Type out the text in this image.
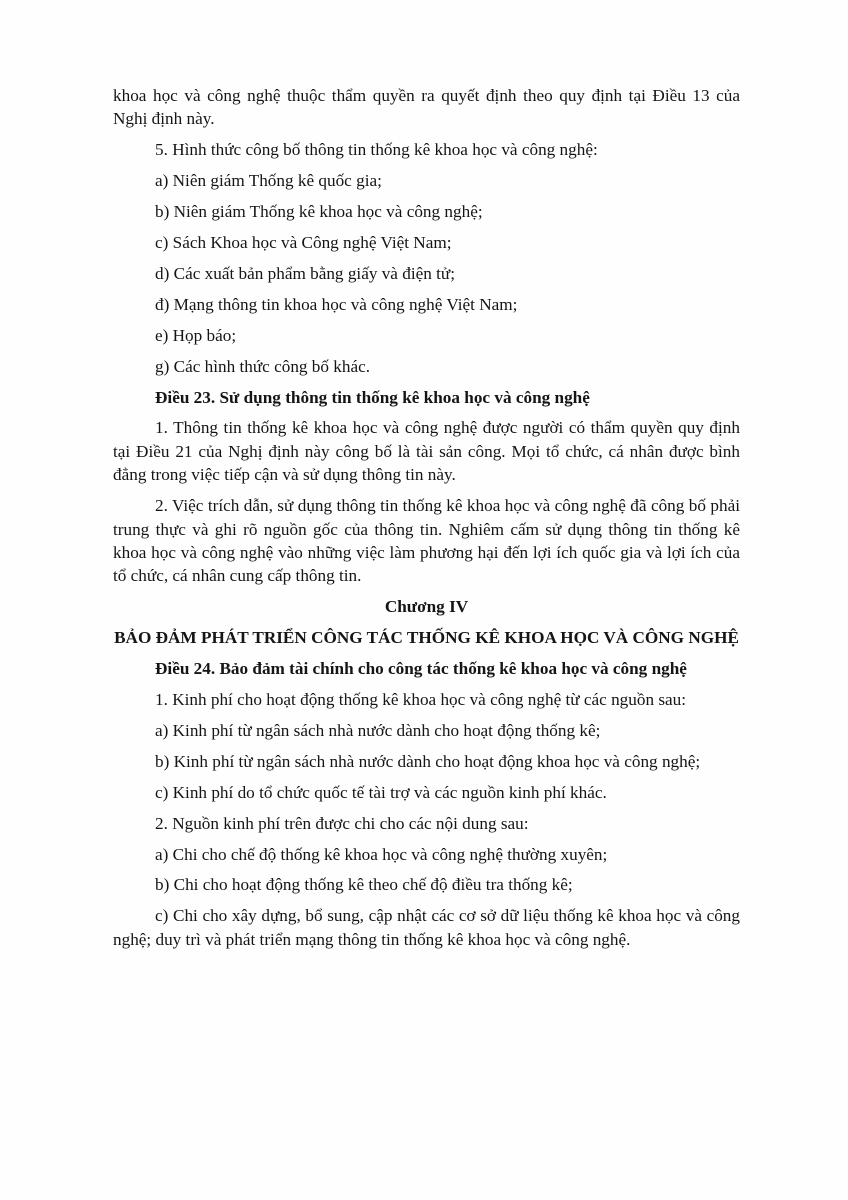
khoa học và công nghệ thuộc thẩm quyền ra quyết định theo quy định tại Điều 13 của Nghị định này.

5. Hình thức công bố thông tin thống kê khoa học và công nghệ:

a) Niên giám Thống kê quốc gia;

b) Niên giám Thống kê khoa học và công nghệ;

c) Sách Khoa học và Công nghệ Việt Nam;

d) Các xuất bản phẩm bằng giấy và điện tử;

đ) Mạng thông tin khoa học và công nghệ Việt Nam;

e) Họp báo;

g) Các hình thức công bố khác.

Điều 23. Sử dụng thông tin thống kê khoa học và công nghệ

1. Thông tin thống kê khoa học và công nghệ được người có thẩm quyền quy định tại Điều 21 của Nghị định này công bố là tài sản công. Mọi tổ chức, cá nhân được bình đẳng trong việc tiếp cận và sử dụng thông tin này.

2. Việc trích dẫn, sử dụng thông tin thống kê khoa học và công nghệ đã công bố phải trung thực và ghi rõ nguồn gốc của thông tin. Nghiêm cấm sử dụng thông tin thống kê khoa học và công nghệ vào những việc làm phương hại đến lợi ích quốc gia và lợi ích của tổ chức, cá nhân cung cấp thông tin.

Chương IV

BẢO ĐẢM PHÁT TRIỂN CÔNG TÁC THỐNG KÊ KHOA HỌC VÀ CÔNG NGHỆ

Điều 24. Bảo đảm tài chính cho công tác thống kê khoa học và công nghệ

1. Kinh phí cho hoạt động thống kê khoa học và công nghệ từ các nguồn sau:

a) Kinh phí từ ngân sách nhà nước dành cho hoạt động thống kê;

b) Kinh phí từ ngân sách nhà nước dành cho hoạt động khoa học và công nghệ;

c) Kinh phí do tổ chức quốc tế tài trợ và các nguồn kinh phí khác.

2. Nguồn kinh phí trên được chi cho các nội dung sau:

a) Chi cho chế độ thống kê khoa học và công nghệ thường xuyên;

b) Chi cho hoạt động thống kê theo chế độ điều tra thống kê;

c) Chi cho xây dựng, bổ sung, cập nhật các cơ sở dữ liệu thống kê khoa học và công nghệ; duy trì và phát triển mạng thông tin thống kê khoa học và công nghệ.
